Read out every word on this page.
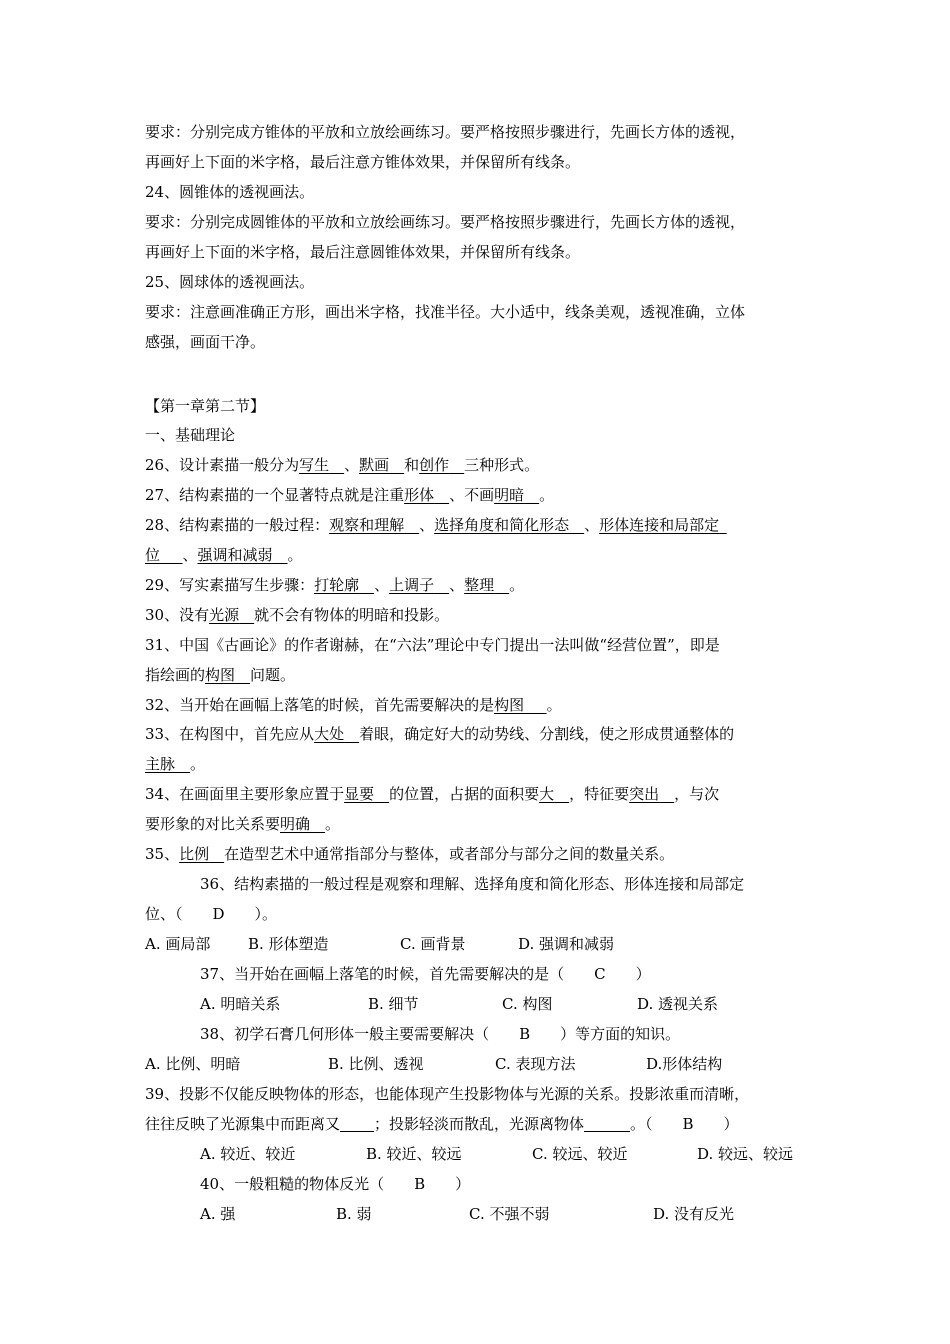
要求：分别完成方锥体的平放和立放绘画练习。要严格按照步骤进行，先画长方体的透视，

再画好上下面的米字格，最后注意方锥体效果，并保留所有线条。

24、圆锥体的透视画法。

要求：分别完成圆锥体的平放和立放绘画练习。要严格按照步骤进行，先画长方体的透视，

再画好上下面的米字格，最后注意圆锥体效果，并保留所有线条。

25、圆球体的透视画法。

要求：注意画准确正方形，画出米字格，找准半径。大小适中，线条美观，透视准确，立体

感强，画面干净。

【第一章第二节】

一、基础理论

26、设计素描一般分为写生 、默画 和创作 三种形式。

27、结构素描的一个显著特点就是注重形体 、不画明暗 。

28、结构素描的一般过程：观察和理解 、选择角度和简化形态 、形体连接和局部定

位 、强调和减弱 。

29、写实素描写生步骤：打轮廓 、上调子 、整理 。

30、没有光源 就不会有物体的明暗和投影。

31、中国《古画论》的作者谢赫，在“六法”理论中专门提出一法叫做“经营位置”，即是

指绘画的构图 问题。

32、当开始在画幅上落笔的时候，首先需要解决的是构图 。

33、在构图中，首先应从大处 着眼，确定好大的动势线、分割线，使之形成贯通整体的

主脉 。

34、在画面里主要形象应置于显要 的位置，占据的面积要大 ，特征要突出 ，与次

要形象的对比关系要明确 。

35、比例 在造型艺术中通常指部分与整体，或者部分与部分之间的数量关系。

36、结构素描的一般过程是观察和理解、选择角度和简化形态、形体连接和局部定

位、（　　D　　）。

A. 画局部	B. 形体塑造	C. 画背景	D. 强调和减弱

37、当开始在画幅上落笔的时候，首先需要解决的是（　　C　　）

A. 明暗关系	B. 细节	C. 构图	D. 透视关系

38、初学石膏几何形体一般主要需要解决（　　B　　）等方面的知识。

A. 比例、明暗	B. 比例、透视	C. 表现方法	D.形体结构

39、投影不仅能反映物体的形态，也能体现产生投影物体与光源的关系。投影浓重而清晰，

往往反映了光源集中而距离又 ；投影轻淡而散乱，光源离物体	。（　　B　　）

A. 较近、较近	B. 较近、较远	C. 较远、较近	D. 较远、较远

40、一般粗糙的物体反光（　　B　　）

A. 强	B. 弱	C. 不强不弱	D. 没有反光
